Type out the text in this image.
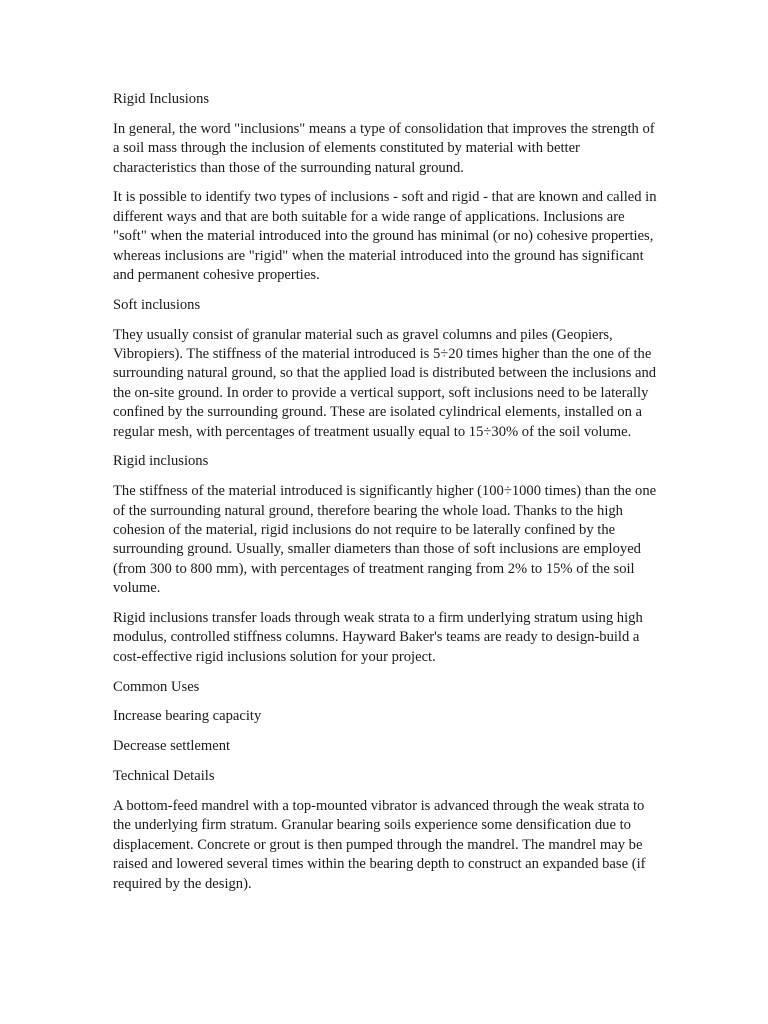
Rigid Inclusions

In general, the word "inclusions" means a type of consolidation that improves the strength of a soil mass through the inclusion of elements constituted by material with better characteristics than those of the surrounding natural ground.

It is possible to identify two types of inclusions - soft and rigid - that are known and called in different ways and that are both suitable for a wide range of applications. Inclusions are "soft" when the material introduced into the ground has minimal (or no) cohesive properties, whereas inclusions are "rigid" when the material introduced into the ground has significant and permanent cohesive properties.

Soft inclusions

They usually consist of granular material such as gravel columns and piles (Geopiers, Vibropiers). The stiffness of the material introduced is 5÷20 times higher than the one of the surrounding natural ground, so that the applied load is distributed between the inclusions and the on-site ground. In order to provide a vertical support, soft inclusions need to be laterally confined by the surrounding ground. These are isolated cylindrical elements, installed on a regular mesh, with percentages of treatment usually equal to 15÷30% of the soil volume.

Rigid inclusions

The stiffness of the material introduced is significantly higher (100÷1000 times) than the one of the surrounding natural ground, therefore bearing the whole load. Thanks to the high cohesion of the material, rigid inclusions do not require to be laterally confined by the surrounding ground. Usually, smaller diameters than those of soft inclusions are employed (from 300 to 800 mm), with percentages of treatment ranging from 2% to 15% of the soil volume.

Rigid inclusions transfer loads through weak strata to a firm underlying stratum using high modulus, controlled stiffness columns. Hayward Baker's teams are ready to design-build a cost-effective rigid inclusions solution for your project.

Common Uses

Increase bearing capacity

Decrease settlement

Technical Details

A bottom-feed mandrel with a top-mounted vibrator is advanced through the weak strata to the underlying firm stratum. Granular bearing soils experience some densification due to displacement. Concrete or grout is then pumped through the mandrel. The mandrel may be raised and lowered several times within the bearing depth to construct an expanded base (if required by the design).
